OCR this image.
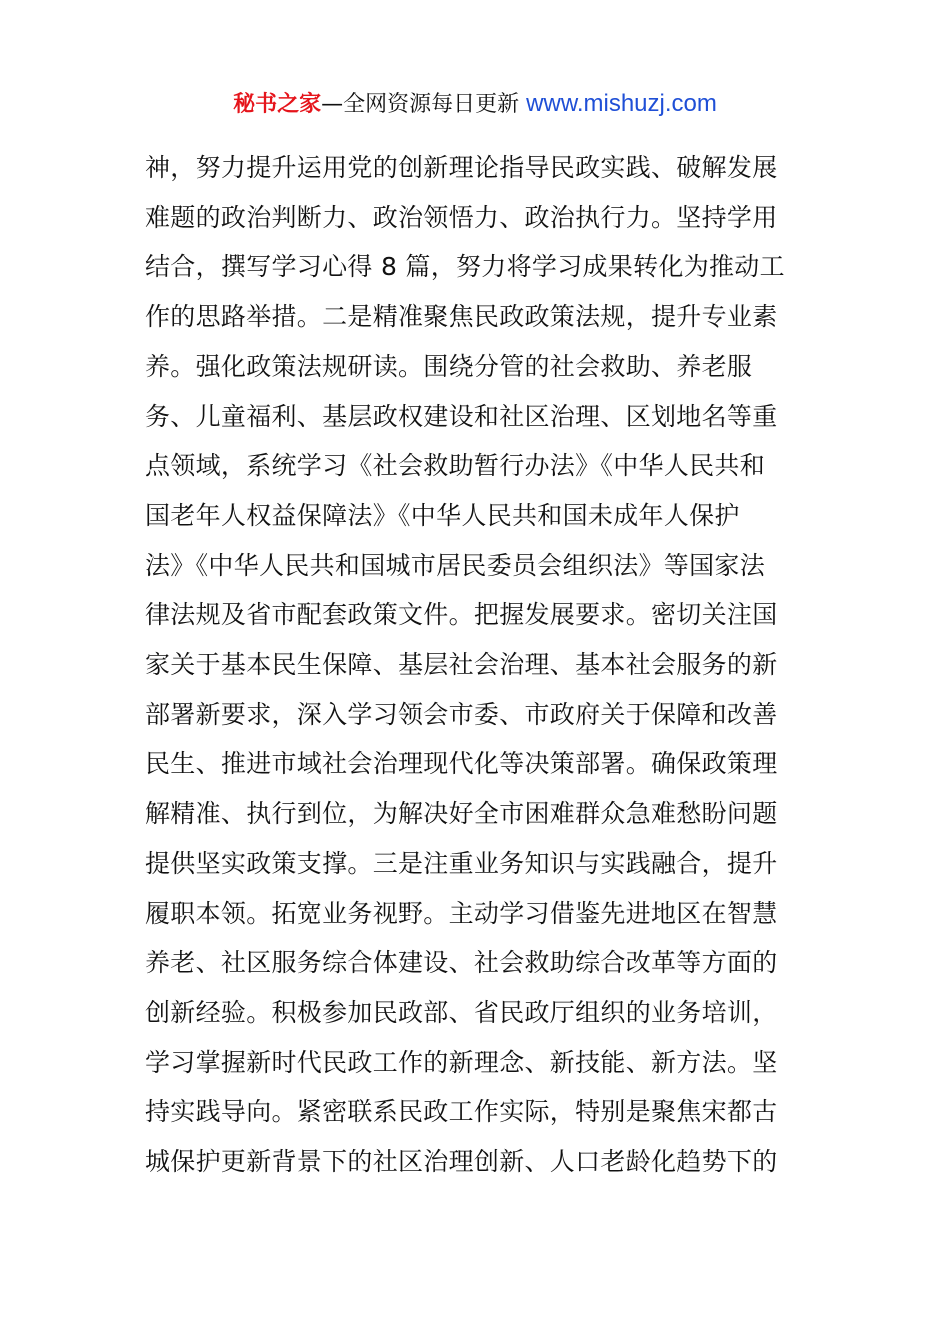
秘书之家—全网资源每日更新 www.mishuzj.com
神，努力提升运用党的创新理论指导民政实践、破解发展
难题的政治判断力、政治领悟力、政治执行力。坚持学用
结合，撰写学习心得 8 篇，努力将学习成果转化为推动工
作的思路举措。二是精准聚焦民政政策法规，提升专业素
养。强化政策法规研读。围绕分管的社会救助、养老服
务、儿童福利、基层政权建设和社区治理、区划地名等重
点领域，系统学习《社会救助暂行办法》《中华人民共和
国老年人权益保障法》《中华人民共和国未成年人保护
法》《中华人民共和国城市居民委员会组织法》等国家法
律法规及省市配套政策文件。把握发展要求。密切关注国
家关于基本民生保障、基层社会治理、基本社会服务的新
部署新要求，深入学习领会市委、市政府关于保障和改善
民生、推进市域社会治理现代化等决策部署。确保政策理
解精准、执行到位，为解决好全市困难群众急难愁盼问题
提供坚实政策支撑。三是注重业务知识与实践融合，提升
履职本领。拓宽业务视野。主动学习借鉴先进地区在智慧
养老、社区服务综合体建设、社会救助综合改革等方面的
创新经验。积极参加民政部、省民政厅组织的业务培训，
学习掌握新时代民政工作的新理念、新技能、新方法。坚
持实践导向。紧密联系民政工作实际，特别是聚焦宋都古
城保护更新背景下的社区治理创新、人口老龄化趋势下的
